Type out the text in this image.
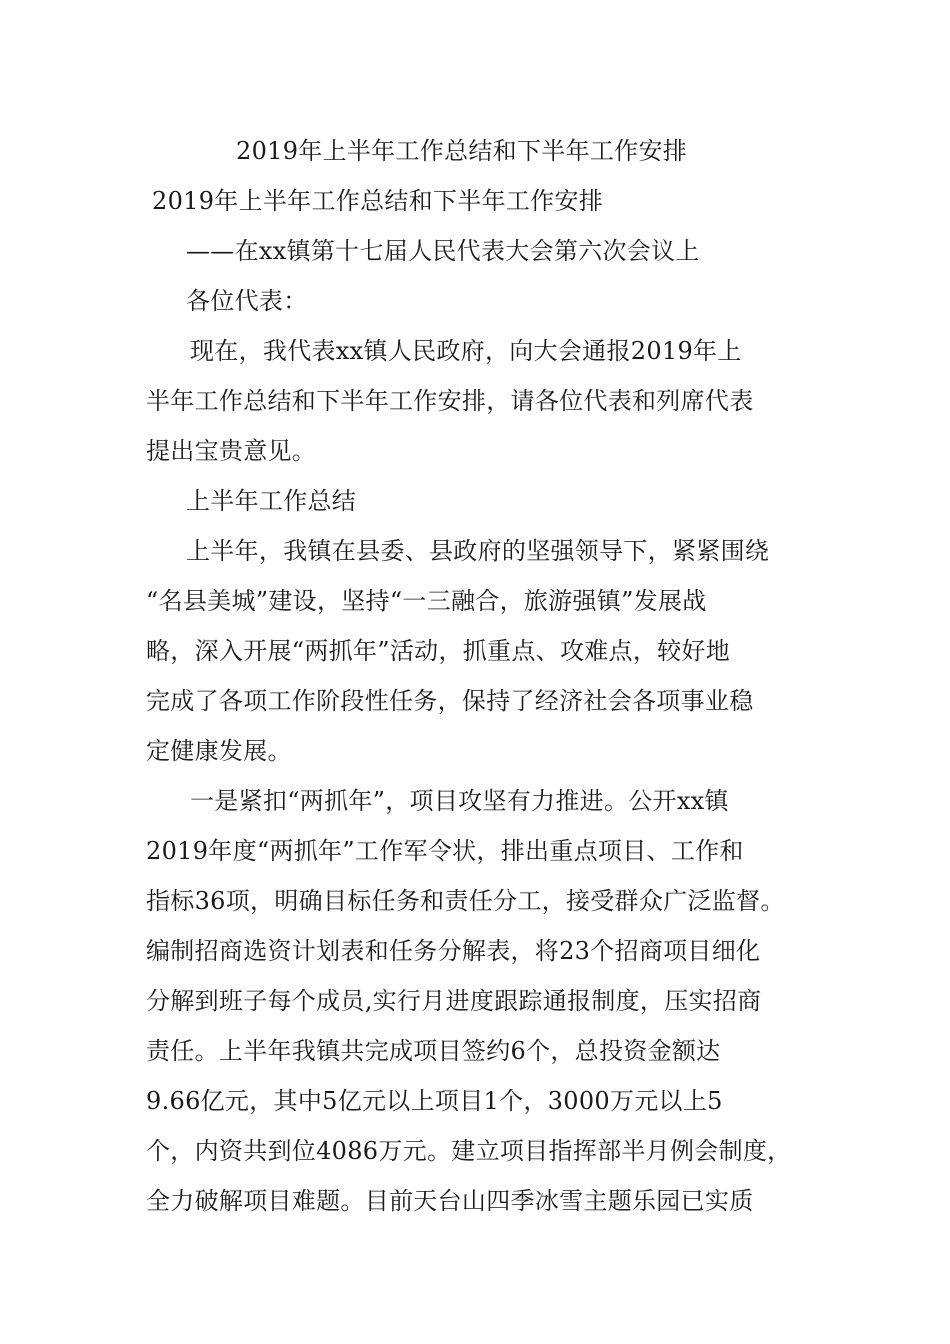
2019年上半年工作总结和下半年工作安排
2019年上半年工作总结和下半年工作安排
——在xx镇第十七届人民代表大会第六次会议上
各位代表：
现在，我代表xx镇人民政府，向大会通报2019年上
半年工作总结和下半年工作安排，请各位代表和列席代表
提出宝贵意见。
上半年工作总结
上半年，我镇在县委、县政府的坚强领导下，紧紧围绕
“名县美城”建设，坚持“一三融合，旅游强镇”发展战
略，深入开展“两抓年”活动，抓重点、攻难点，较好地
完成了各项工作阶段性任务，保持了经济社会各项事业稳
定健康发展。
一是紧扣“两抓年”，项目攻坚有力推进。公开xx镇
2019年度“两抓年”工作军令状，排出重点项目、工作和
指标36项，明确目标任务和责任分工，接受群众广泛监督。
编制招商选资计划表和任务分解表，将23个招商项目细化
分解到班子每个成员,实行月进度跟踪通报制度，压实招商
责任。上半年我镇共完成项目签约6个，总投资金额达
9.66亿元，其中5亿元以上项目1个，3000万元以上5
个，内资共到位4086万元。建立项目指挥部半月例会制度，
全力破解项目难题。目前天台山四季冰雪主题乐园已实质
